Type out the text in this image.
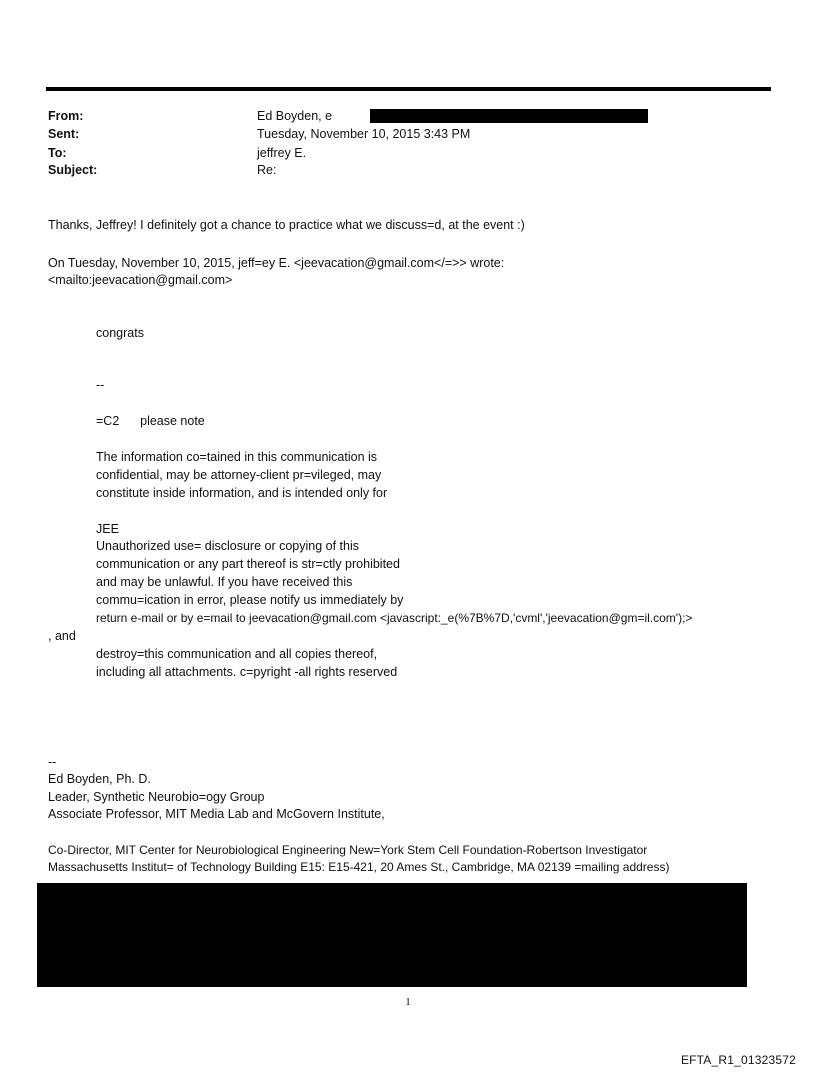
From:	Ed Boyden, e
Sent:	Tuesday, November 10, 2015 3:43 PM
To:	jeffrey E.
Subject:	Re:
Thanks, Jeffrey! I definitely got a chance to practice what we discuss=d, at the event :)
On Tuesday, November 10, 2015, jeff=ey E. <jeevacation@gmail.com</=>> wrote:
<mailto:jeevacation@gmail.com>
congrats
--
=C2      please note
The information co=tained in this communication is
confidential, may be attorney-client pr=vileged, may
constitute inside information, and is intended only for
JEE
Unauthorized use= disclosure or copying of this
communication or any part thereof is str=ctly prohibited
and may be unlawful. If you have received this
commu=ication in error, please notify us immediately by
return e-mail or by e=mail to jeevacation@gmail.com <javascript:_e(%7B%7D,'cvml','jeevacation@gm=il.com');>
, and
destroy=this communication and all copies thereof,
including all attachments. c=pyright -all rights reserved
--
Ed Boyden, Ph. D.
Leader, Synthetic Neurobio=ogy Group
Associate Professor, MIT Media Lab and McGovern Institute,
Co-Director, MIT Center for Neurobiological Engineering New=York Stem Cell Foundation-Robertson Investigator
Massachusetts Institut= of Technology Building E15: E15-421, 20 Ames St., Cambridge, MA 02139 =mailing address)
1
EFTA_R1_01323572
